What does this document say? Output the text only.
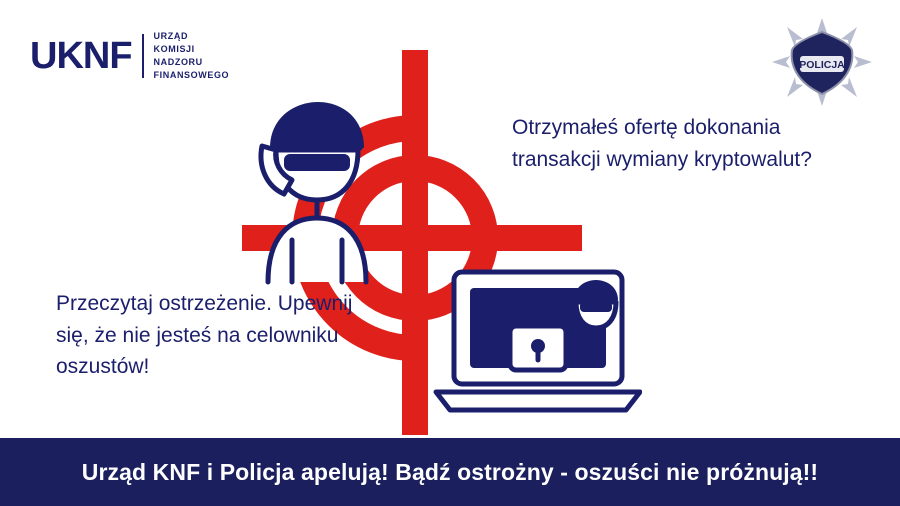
UKNF URZĄD
KOMISJI
NADZORU
FINANSOWEGO
POLICJA
Otrzymałeś ofertę dokonania transakcji wymiany kryptowalut?
Przeczytaj ostrzeżenie. Upewnij się, że nie jesteś na celowniku oszustów!
Urząd KNF i Policja apelują! Bądź ostrożny - oszuści nie próżnują!!
